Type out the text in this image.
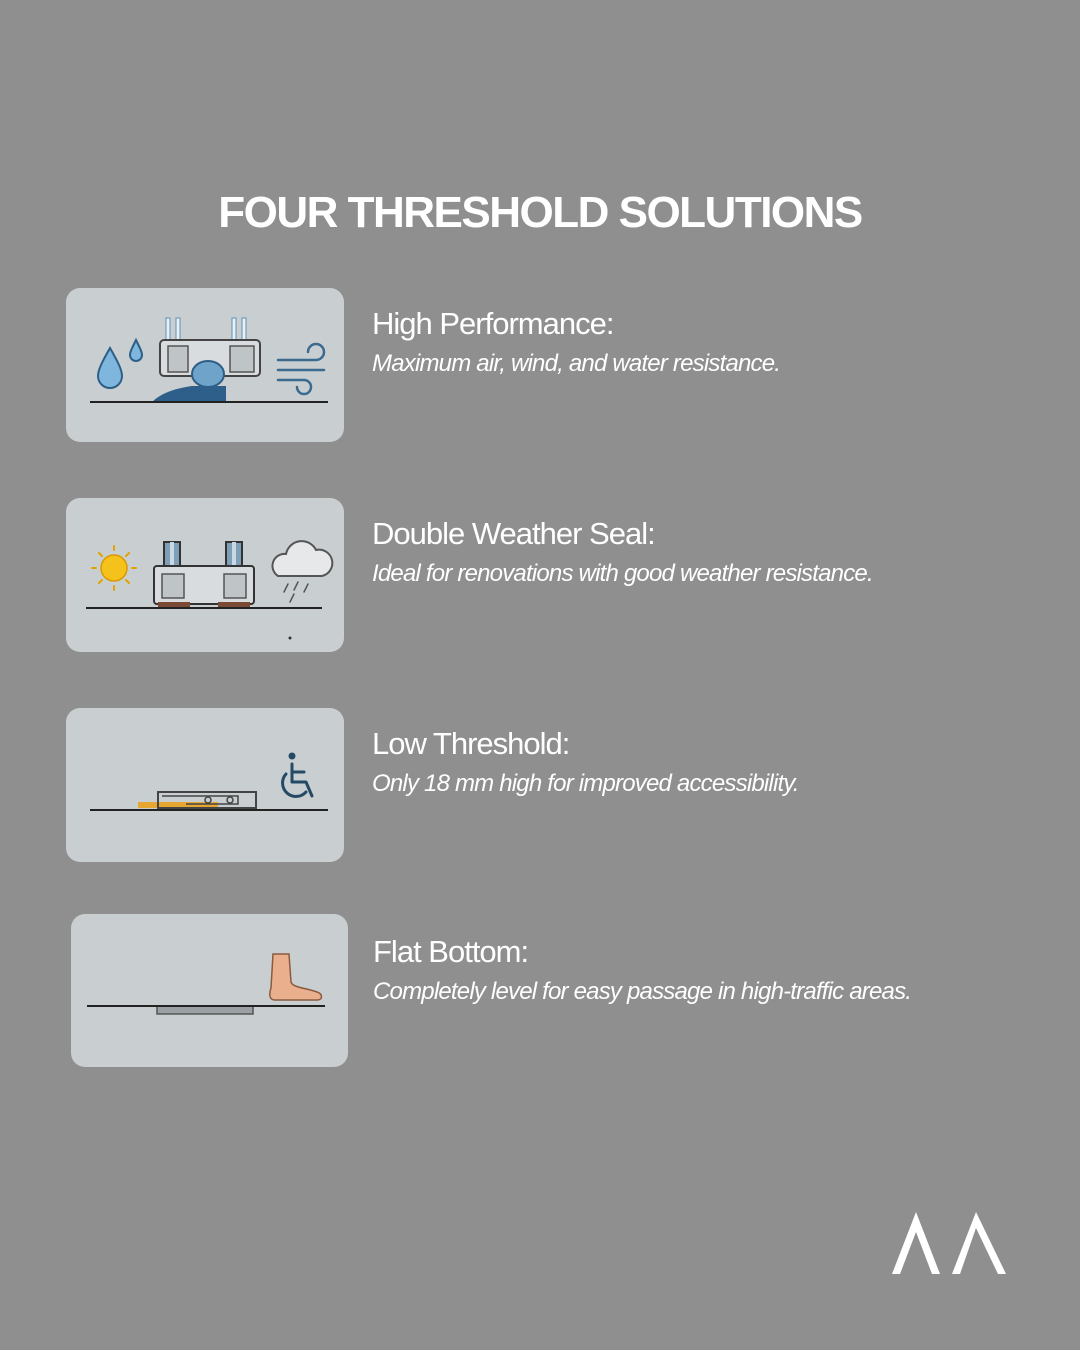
FOUR THRESHOLD SOLUTIONS
High Performance:

Maximum air, wind, and water resistance.

Double Weather Seal:

Ideal for renovations with good weather resistance.

Low Threshold:

Only 18 mm high for improved accessibility.

Flat Bottom:

Completely level for easy passage in high-traffic areas.
